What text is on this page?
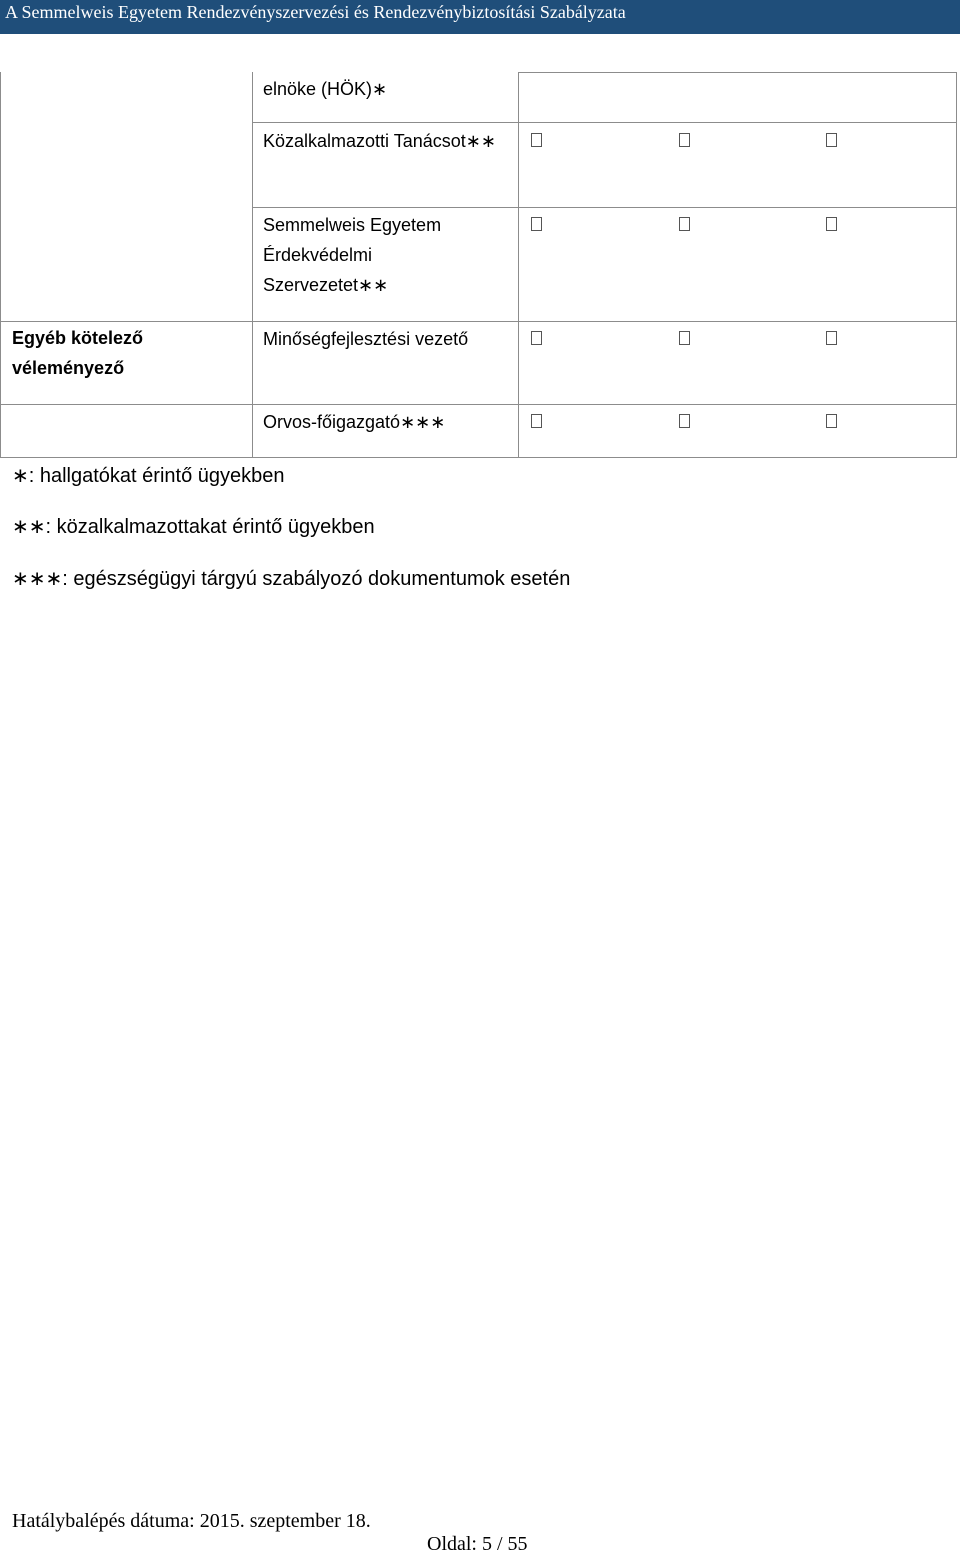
A Semmelweis Egyetem Rendezvényszervezési és Rendezvénybiztosítási Szabályzata
Egyéb kötelező véleményező
elnöke (HÖK)∗
Közalkalmazotti Tanácsot∗∗
Semmelweis Egyetem Érdekvédelmi Szervezetet∗∗
Minőségfejlesztési vezető
Orvos-főigazgató∗∗∗
∗: hallgatókat érintő ügyekben
∗∗: közalkalmazottakat érintő ügyekben
∗∗∗: egészségügyi tárgyú szabályozó dokumentumok esetén
Hatálybalépés dátuma: 2015. szeptember 18.
Oldal: 5 / 55
